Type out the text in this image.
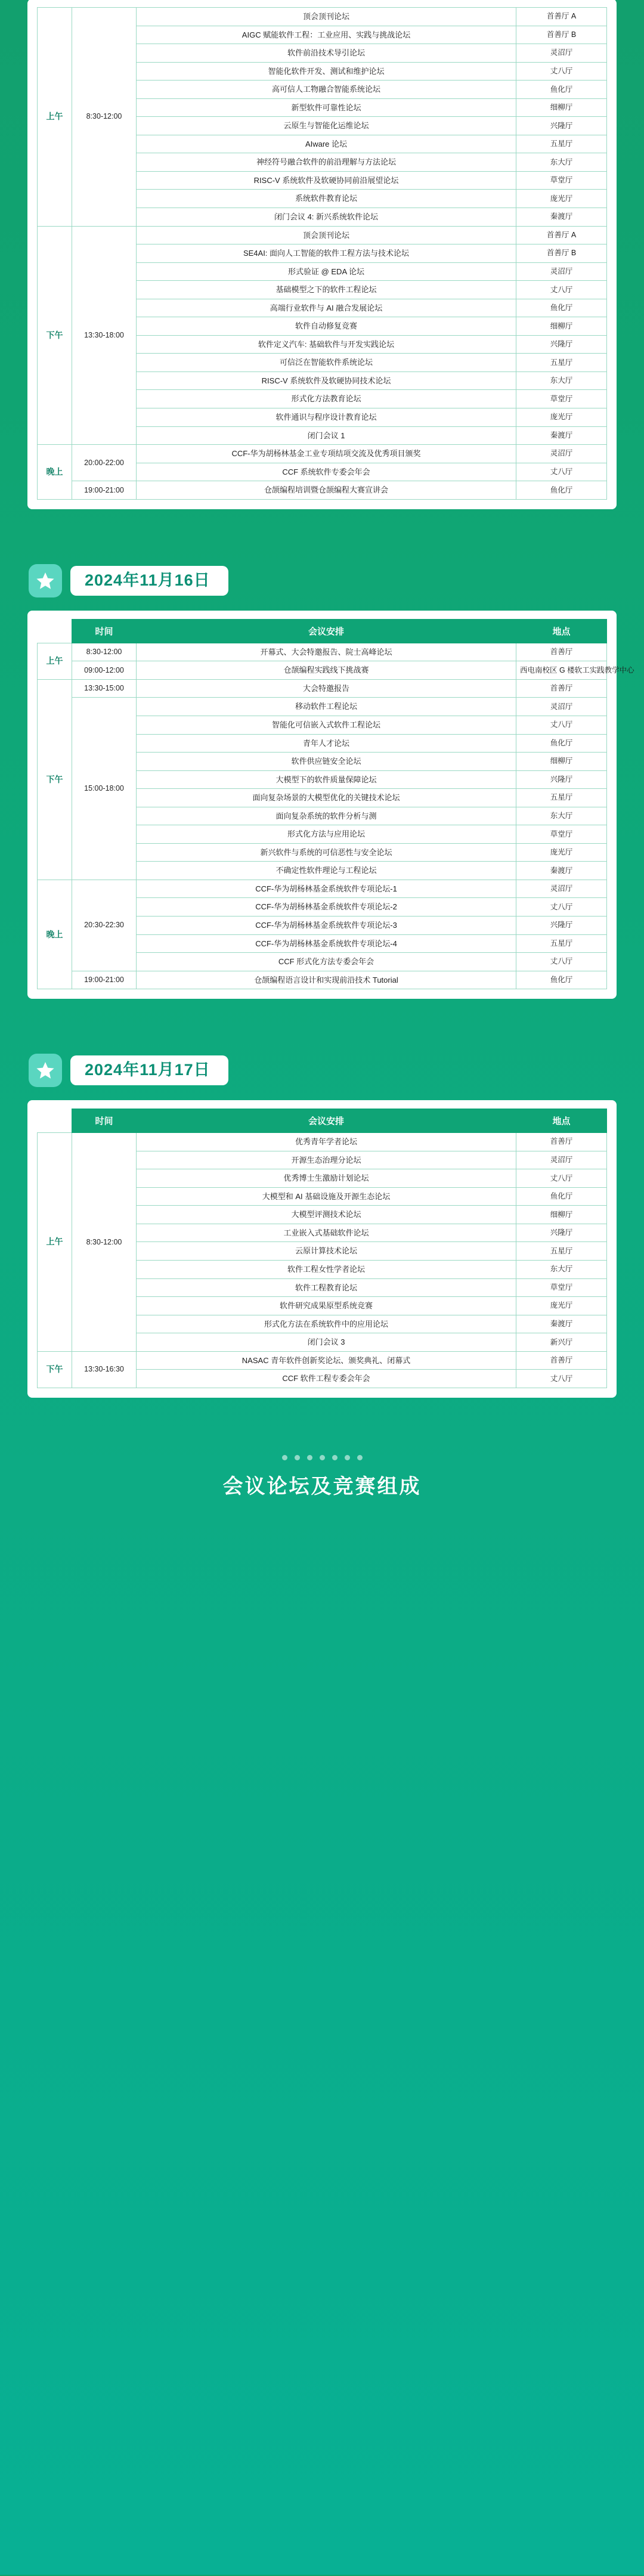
上午	8:30-12:00	顶会顶刊论坛	首善厅 A
		AIGC 赋能软件工程：工业应用、实践与挑战论坛	首善厅 B
		软件前沿技术导引论坛	灵沼厅
		智能化软件开发、测试和维护论坛	丈八厅
		高可信人工物融合智能系统论坛	鱼化厅
		新型软件可靠性论坛	细柳厅
		云原生与智能化运维论坛	兴隆厅
		AIware 论坛	五星厅
		神经符号融合软件的前沿理解与方法论坛	东大厅
		RISC-V 系统软件及软硬协同前沿展望论坛	草堂厅
		系统软件教育论坛	庞光厅
		闭门会议 4: 新兴系统软件论坛	秦渡厅
下午	13:30-18:00	顶会顶刊论坛	首善厅 A
		SE4AI: 面向人工智能的软件工程方法与技术论坛	首善厅 B
		形式验证 @ EDA 论坛	灵沼厅
		基础模型之下的软件工程论坛	丈八厅
		高端行业软件与 AI 融合发展论坛	鱼化厅
		软件自动修复竞赛	细柳厅
		软件定义汽车: 基础软件与开发实践论坛	兴隆厅
		可信泛在智能软件系统论坛	五星厅
		RISC-V 系统软件及软硬协同技术论坛	东大厅
		形式化方法教育论坛	草堂厅
		软件通识与程序设计教育论坛	庞光厅
		闭门会议 1	秦渡厅
晚上	20:00-22:00	CCF-华为胡杨林基金工业专项结项交流及优秀项目颁奖	灵沼厅
		CCF 系统软件专委会年会	丈八厅
	19:00-21:00	仓颉编程培训暨仓颉编程大赛宣讲会	鱼化厅
2024年11月16日
	时间	会议安排	地点
上午	8:30-12:00	开幕式、大会特邀报告、院士高峰论坛	首善厅
	09:00-12:00	仓颉编程实践线下挑战赛	西电南校区 G 楼软工实践教学中心
下午	13:30-15:00	大会特邀报告	首善厅
	15:00-18:00	移动软件工程论坛	灵沼厅
		智能化可信嵌入式软件工程论坛	丈八厅
		青年人才论坛	鱼化厅
		软件供应链安全论坛	细柳厅
		大模型下的软件质量保障论坛	兴隆厅
		面向复杂场景的大模型优化的关键技术论坛	五星厅
		面向复杂系统的软件分析与测	东大厅
		形式化方法与应用论坛	草堂厅
		新兴软件与系统的可信恶性与安全论坛	庞光厅
		不确定性软件理论与工程论坛	秦渡厅
晚上	20:30-22:30	CCF-华为胡杨林基金系统软件专项论坛-1	灵沼厅
		CCF-华为胡杨林基金系统软件专项论坛-2	丈八厅
		CCF-华为胡杨林基金系统软件专项论坛-3	兴隆厅
		CCF-华为胡杨林基金系统软件专项论坛-4	五星厅
		CCF 形式化方法专委会年会	丈八厅
	19:00-21:00	仓颉编程语言设计和实现前沿技术 Tutorial	鱼化厅
2024年11月17日
	时间	会议安排	地点
上午	8:30-12:00	优秀青年学者论坛	首善厅
		开源生态治理分论坛	灵沼厅
		优秀博士生激励计划论坛	丈八厅
		大模型和 AI 基础设施及开源生态论坛	鱼化厅
		大模型评测技术论坛	细柳厅
		工业嵌入式基础软件论坛	兴隆厅
		云原计算技术论坛	五星厅
		软件工程女性学者论坛	东大厅
		软件工程教育论坛	草堂厅
		软件研究成果原型系统竞赛	庞光厅
		形式化方法在系统软件中的应用论坛	秦渡厅
		闭门会议 3	新兴厅
下午	13:30-16:30	NASAC 青年软件创新奖论坛、颁奖典礼、闭幕式	首善厅
		CCF 软件工程专委会年会	丈八厅
会议论坛及竞赛组成
